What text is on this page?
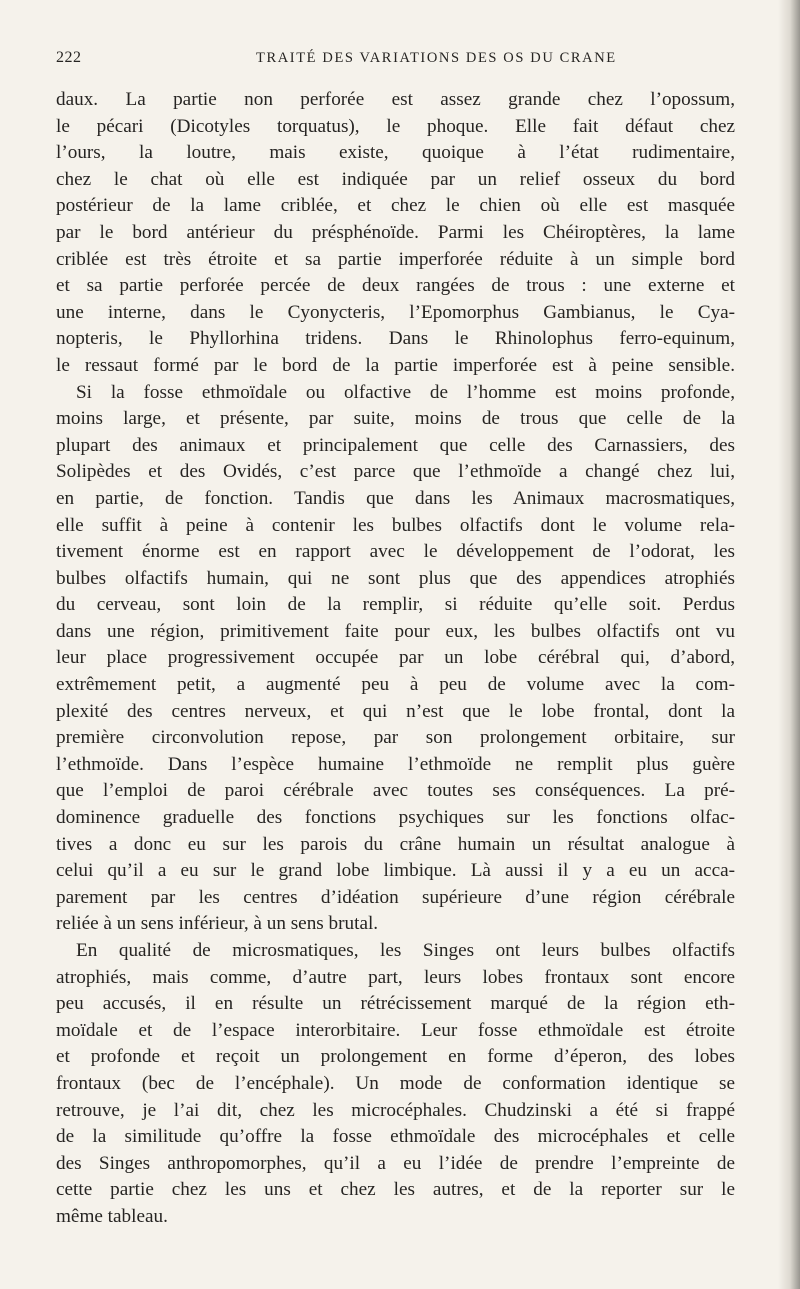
222	TRAITÉ DES VARIATIONS DES OS DU CRANE
daux. La partie non perforée est assez grande chez l’opossum,
le pécari (Dicotyles torquatus), le phoque. Elle fait défaut chez
l’ours, la loutre, mais existe, quoique à l’état rudimentaire,
chez le chat où elle est indiquée par un relief osseux du bord
postérieur de la lame criblée, et chez le chien où elle est masquée
par le bord antérieur du présphénoïde. Parmi les Chéiroptères, la lame
criblée est très étroite et sa partie imperforée réduite à un simple bord
et sa partie perforée percée de deux rangées de trous : une externe et
une interne, dans le Cyonycteris, l’Epomorphus Gambianus, le Cya-
nopteris, le Phyllorhina tridens. Dans le Rhinolophus ferro-equinum,
le ressaut formé par le bord de la partie imperforée est à peine sensible.
Si la fosse ethmoïdale ou olfactive de l’homme est moins profonde,
moins large, et présente, par suite, moins de trous que celle de la
plupart des animaux et principalement que celle des Carnassiers, des
Solipèdes et des Ovidés, c’est parce que l’ethmoïde a changé chez lui,
en partie, de fonction. Tandis que dans les Animaux macrosmatiques,
elle suffit à peine à contenir les bulbes olfactifs dont le volume rela-
tivement énorme est en rapport avec le développement de l’odorat, les
bulbes olfactifs humain, qui ne sont plus que des appendices atrophiés
du cerveau, sont loin de la remplir, si réduite qu’elle soit. Perdus
dans une région, primitivement faite pour eux, les bulbes olfactifs ont vu
leur place progressivement occupée par un lobe cérébral qui, d’abord,
extrêmement petit, a augmenté peu à peu de volume avec la com-
plexité des centres nerveux, et qui n’est que le lobe frontal, dont la
première circonvolution repose, par son prolongement orbitaire, sur
l’ethmoïde. Dans l’espèce humaine l’ethmoïde ne remplit plus guère
que l’emploi de paroi cérébrale avec toutes ses conséquences. La pré-
dominence graduelle des fonctions psychiques sur les fonctions olfac-
tives a donc eu sur les parois du crâne humain un résultat analogue à
celui qu’il a eu sur le grand lobe limbique. Là aussi il y a eu un acca-
parement par les centres d’idéation supérieure d’une région cérébrale
reliée à un sens inférieur, à un sens brutal.
En qualité de microsmatiques, les Singes ont leurs bulbes olfactifs
atrophiés, mais comme, d’autre part, leurs lobes frontaux sont encore
peu accusés, il en résulte un rétrécissement marqué de la région eth-
moïdale et de l’espace interorbitaire. Leur fosse ethmoïdale est étroite
et profonde et reçoit un prolongement en forme d’éperon, des lobes
frontaux (bec de l’encéphale). Un mode de conformation identique se
retrouve, je l’ai dit, chez les microcéphales. Chudzinski a été si frappé
de la similitude qu’offre la fosse ethmoïdale des microcéphales et celle
des Singes anthropomorphes, qu’il a eu l’idée de prendre l’empreinte de
cette partie chez les uns et chez les autres, et de la reporter sur le
même tableau.
